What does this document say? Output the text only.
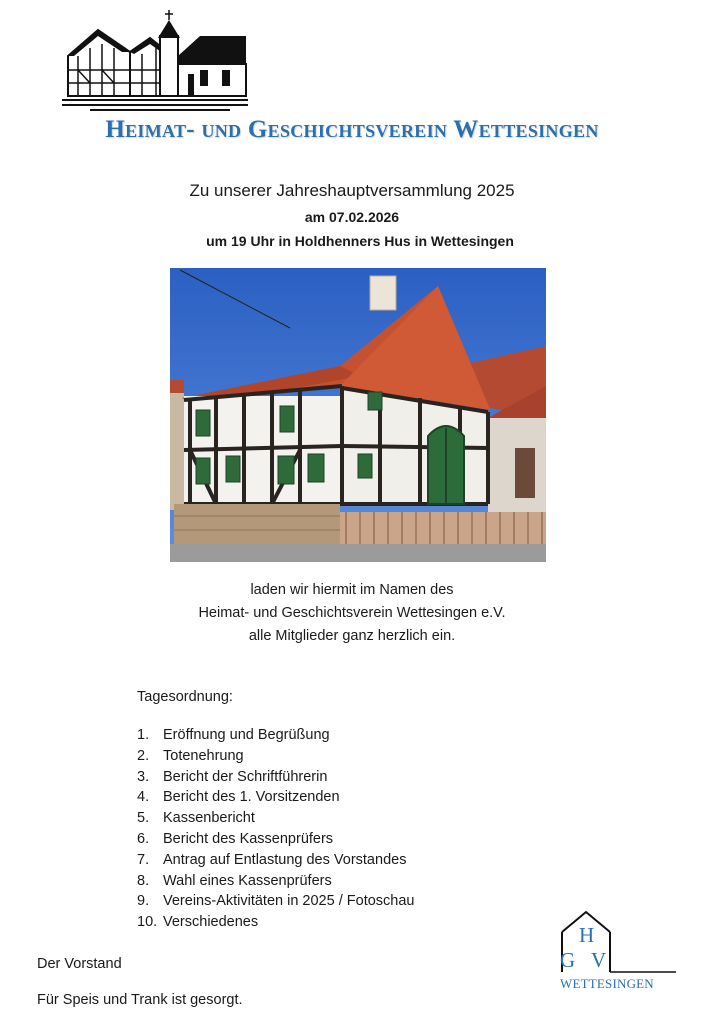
Heimat- und Geschichtsverein Wettesingen
Zu unserer Jahreshauptversammlung 2025
am 07.02.2026
um 19 Uhr in Holdhenners Hus in Wettesingen
laden wir hiermit im Namen des
Heimat- und Geschichtsverein Wettesingen e.V.
alle Mitglieder ganz herzlich ein.
Tagesordnung:
1. Eröffnung und Begrüßung
2. Totenehrung
3. Bericht der Schriftführerin
4. Bericht des 1. Vorsitzenden
5. Kassenbericht
6. Bericht des Kassenprüfers
7. Antrag auf Entlastung des Vorstandes
8. Wahl eines Kassenprüfers
9. Vereins-Aktivitäten in 2025 / Fotoschau
10. Verschiedenes
Der Vorstand
Für Speis und Trank ist gesorgt.
H
G V
WETTESINGEN
